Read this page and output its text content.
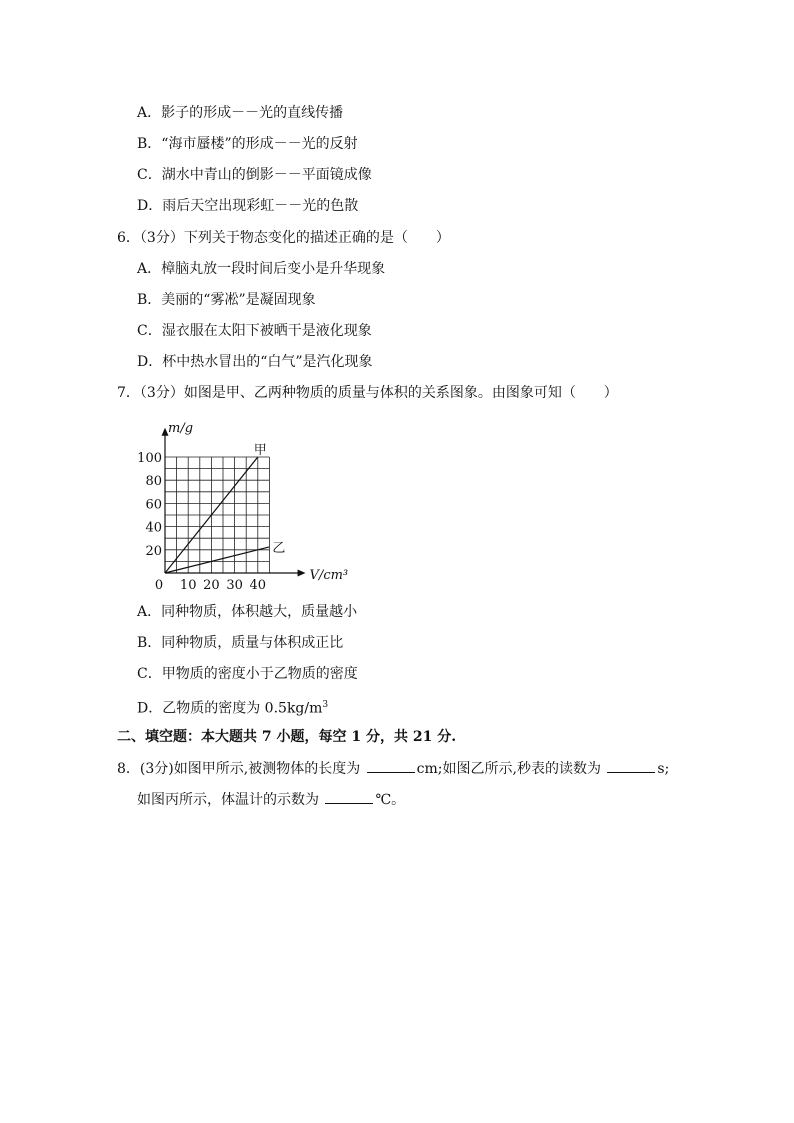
A．影子的形成－－光的直线传播
B．“海市蜃楼”的形成－－光的反射
C．湖水中青山的倒影－－平面镜成像
D．雨后天空出现彩虹－－光的色散
6．（3分）下列关于物态变化的描述正确的是（　　）
A．樟脑丸放一段时间后变小是升华现象
B．美丽的“雾凇”是凝固现象
C．湿衣服在太阳下被晒干是液化现象
D．杯中热水冒出的“白气”是汽化现象
7．（3分）如图是甲、乙两种物质的质量与体积的关系图象。由图象可知（　　）
甲
乙
10 20 30 40
20
40
60
80
100
0
m/g
V/cm³
A．同种物质，体积越大，质量越小
B．同种物质，质量与体积成正比
C．甲物质的密度小于乙物质的密度
D．乙物质的密度为 $0.5kg/m^3$
二、填空题：本大题共 7 小题，每空 1 分，共 21 分.
8．(3分)如图甲所示,被测物体的长度为	cm;如图乙所示,秒表的读数为	s;
如图丙所示，体温计的示数为	℃。
